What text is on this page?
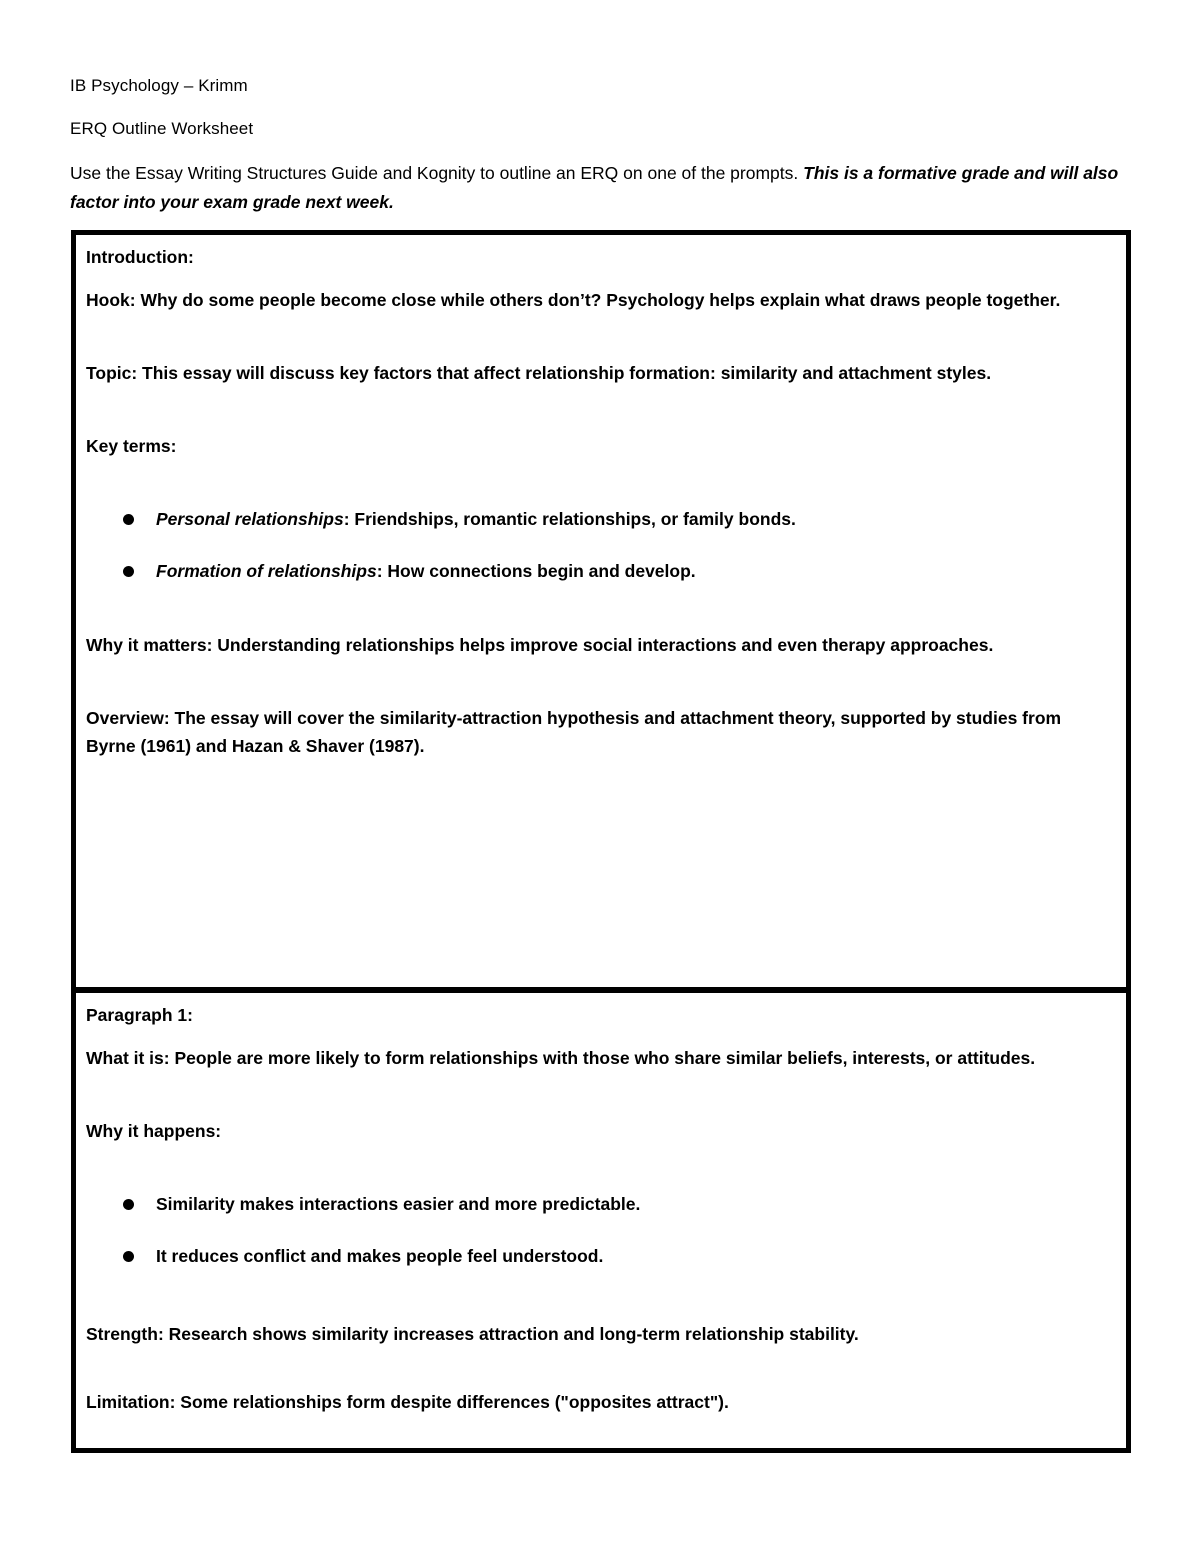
IB Psychology – Krimm

ERQ Outline Worksheet

Use the Essay Writing Structures Guide and Kognity to outline an ERQ on one of the prompts. This is a formative grade and will also factor into your exam grade next week.

Introduction:

Hook: Why do some people become close while others don’t? Psychology helps explain what draws people together.

Topic: This essay will discuss key factors that affect relationship formation: similarity and attachment styles.

Key terms:

Personal relationships: Friendships, romantic relationships, or family bonds.
Formation of relationships: How connections begin and develop.

Why it matters: Understanding relationships helps improve social interactions and even therapy approaches.

Overview: The essay will cover the similarity-attraction hypothesis and attachment theory, supported by studies from Byrne (1961) and Hazan & Shaver (1987).

Paragraph 1:

What it is: People are more likely to form relationships with those who share similar beliefs, interests, or attitudes.

Why it happens:

Similarity makes interactions easier and more predictable.
It reduces conflict and makes people feel understood.

Strength: Research shows similarity increases attraction and long-term relationship stability.

Limitation: Some relationships form despite differences ("opposites attract").
